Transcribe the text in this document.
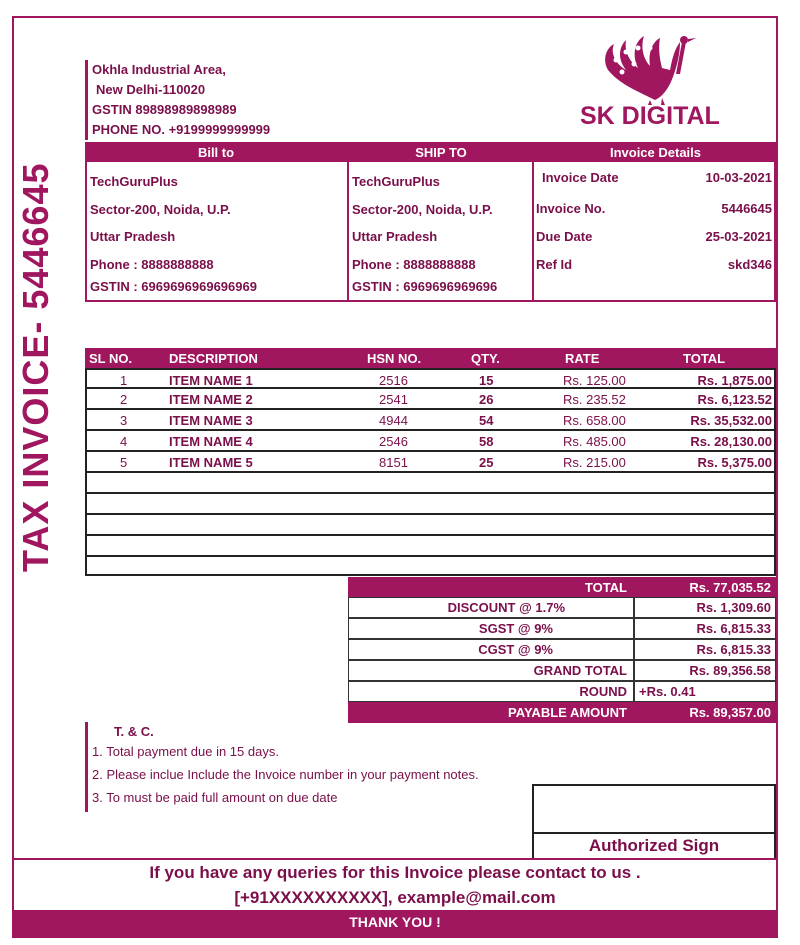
TAX INVOICE- 5446645
Okhla Industrial Area,
New Delhi-110020
GSTIN 89898989898989
PHONE NO. +9199999999999	SK DIGITAL
Bill to	SHIP TO	Invoice Details
TechGuruPlus
Sector-200, Noida, U.P.
Uttar Pradesh
Phone : 8888888888
GSTIN : 6969696969696969
TechGuruPlus
Sector-200, Noida, U.P.
Uttar Pradesh
Phone : 8888888888
GSTIN : 6969696969696
Invoice Date	10-03-2021
Invoice No.	5446645
Due Date	25-03-2021
Ref Id	skd346
SL NO.	DESCRIPTION	HSN NO.	QTY.	RATE	TOTAL
1	ITEM NAME 1	2516	15	Rs. 125.00	Rs. 1,875.00
2	ITEM NAME 2	2541	26	Rs. 235.52	Rs. 6,123.52
3	ITEM NAME 3	4944	54	Rs. 658.00	Rs. 35,532.00
4	ITEM NAME 4	2546	58	Rs. 485.00	Rs. 28,130.00
5	ITEM NAME 5	8151	25	Rs. 215.00	Rs. 5,375.00
TOTAL	Rs. 77,035.52
DISCOUNT @ 1.7%	Rs. 1,309.60
SGST @ 9%	Rs. 6,815.33
CGST @ 9%	Rs. 6,815.33
GRAND TOTAL	Rs. 89,356.58
ROUND +Rs. 0.41
PAYABLE AMOUNT	Rs. 89,357.00
T. & C.
1. Total payment due in 15 days.
2. Please inclue Include the Invoice number in your payment notes.
3. To must be paid full amount on due date
Authorized Sign
If you have any queries for this Invoice please contact to us .
[+91XXXXXXXXXX], example@mail.com
THANK YOU !
